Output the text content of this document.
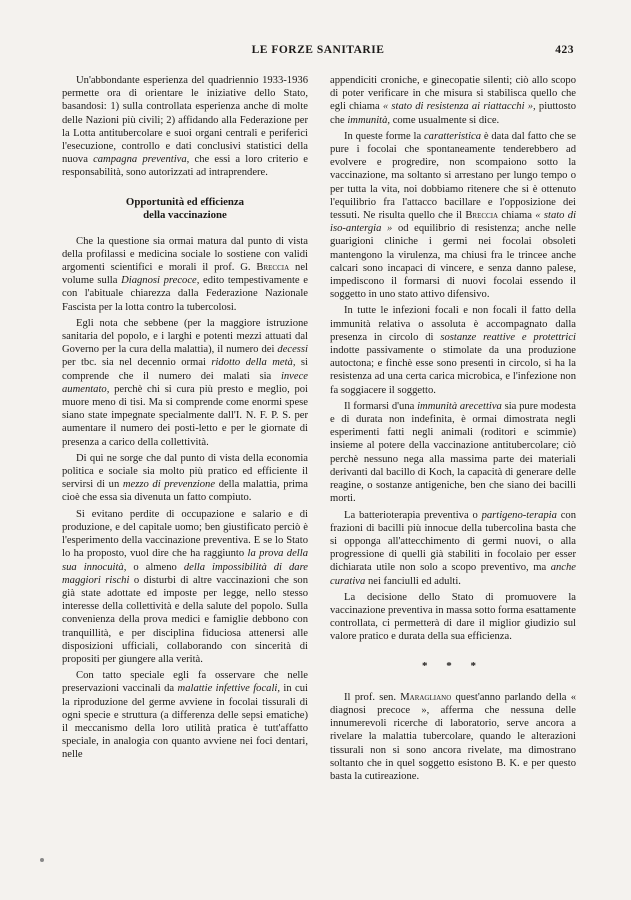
LE FORZE SANITARIE	423

Un'abbondante esperienza del quadriennio 1933-1936 permette ora di orientare le iniziative dello Stato, basandosi: 1) sulla controllata esperienza anche di molte delle Nazioni più civili; 2) affidando alla Federazione per la Lotta antitubercolare e suoi organi centrali e periferici l'esecuzione, controllo e dati conclusivi statistici della nuova campagna preventiva, che essi a loro criterio e responsabilità, sono autorizzati ad intraprendere.

Opportunità ed efficienza
della vaccinazione

Che la questione sia ormai matura dal punto di vista della profilassi e medicina sociale lo sostiene con validi argomenti scientifici e morali il prof. G. Breccia nel volume sulla Diagnosi precoce, edito tempestivamente e con l'abituale chiarezza dalla Federazione Nazionale Fascista per la lotta contro la tubercolosi.

Egli nota che sebbene (per la maggiore istruzione sanitaria del popolo, e i larghi e potenti mezzi attuati dal Governo per la cura della malattia), il numero dei decessi per tbc. sia nel decennio ormai ridotto della metà, si comprende che il numero dei malati sia invece aumentato, perchè chi si cura più presto e meglio, poi muore meno di tisi. Ma si comprende come enormi spese siano state impegnate specialmente dall'I. N. F. P. S. per aumentare il numero dei posti-letto e per le giornate di presenza a carico della collettività.

Di qui ne sorge che dal punto di vista della economia politica e sociale sia molto più pratico ed efficiente il servirsi di un mezzo di prevenzione della malattia, prima cioè che essa sia divenuta un fatto compiuto.

Si evitano perdite di occupazione e salario e di produzione, e del capitale uomo; ben giustificato perciò è l'esperimento della vaccinazione preventiva. E se lo Stato lo ha proposto, vuol dire che ha raggiunto la prova della sua innocuità, o almeno della impossibilità di dare maggiori rischi o disturbi di altre vaccinazioni che son già state adottate ed imposte per legge, nello stesso interesse della collettività e della salute del popolo. Sulla convenienza della prova medici e famiglie debbono con tranquillità, e per disciplina fiduciosa attenersi alle disposizioni ufficiali, collaborando con sincerità di propositi per giungere alla verità.

Con tatto speciale egli fa osservare che nelle preservazioni vaccinali da malattie infettive focali, in cui la riproduzione del germe avviene in focolai tissurali di ogni specie e struttura (a differenza delle sepsi ematiche) il meccanismo della loro utilità pratica è tutt'affatto speciale, in analogia con quanto avviene nei foci dentari, nelle

appendiciti croniche, e ginecopatie silenti; ciò allo scopo di poter verificare in che misura si stabilisca quello che egli chiama « stato di resistenza ai riattacchi », piuttosto che immunità, come usualmente si dice.

In queste forme la caratteristica è data dal fatto che se pure i focolai che spontaneamente tenderebbero ad evolvere e progredire, non scompaiono sotto la vaccinazione, ma soltanto si arrestano per lungo tempo o per tutta la vita, noi dobbiamo ritenere che si è ottenuto l'equilibrio fra l'attacco bacillare e l'opposizione dei tessuti. Ne risulta quello che il Breccia chiama « stato di iso-antergia » od equilibrio di resistenza; anche nelle guarigioni cliniche i germi nei focolai obsoleti mantengono la virulenza, ma chiusi fra le trincee anche calcari sono incapaci di vincere, e senza danno palese, impediscono il formarsi di nuovi focolai essendo il soggetto in uno stato attivo difensivo.

In tutte le infezioni focali e non focali il fatto della immunità relativa o assoluta è accompagnato dalla presenza in circolo di sostanze reattive e protettrici indotte passivamente o stimolate da una produzione autoctona; e finchè esse sono presenti in circolo, si ha la resistenza ad una certa carica microbica, e l'infezione non fa soggiacere il soggetto.

Il formarsi d'una immunità arecettiva sia pure modesta e di durata non indefinita, è ormai dimostrata negli esperimenti fatti negli animali (roditori e scimmie) insieme al potere della vaccinazione antitubercolare; ciò perchè nessuno nega alla massima parte dei materiali derivanti dal bacillo di Koch, la capacità di generare delle reagine, o sostanze antigeniche, ben che siano dei bacilli morti.

La batterioterapia preventiva o partigeno-terapia con frazioni di bacilli più innocue della tubercolina basta che si opponga all'attecchimento di germi nuovi, o alla progressione di quelli già stabiliti in focolaio per esser dichiarata utile non solo a scopo preventivo, ma anche curativa nei fanciulli ed adulti.

La decisione dello Stato di promuovere la vaccinazione preventiva in massa sotto forma esattamente controllata, ci permetterà di dare il miglior giudizio sul valore pratico e durata della sua efficienza.

* * *

Il prof. sen. Maragliano quest'anno parlando della « diagnosi precoce », afferma che nessuna delle innumerevoli ricerche di laboratorio, serve ancora a rivelare la malattia tubercolare, quando le alterazioni tissurali non si sono ancora rivelate, ma dimostrano soltanto che in quel soggetto esistono B. K. e per questo basta la cutireazione.
